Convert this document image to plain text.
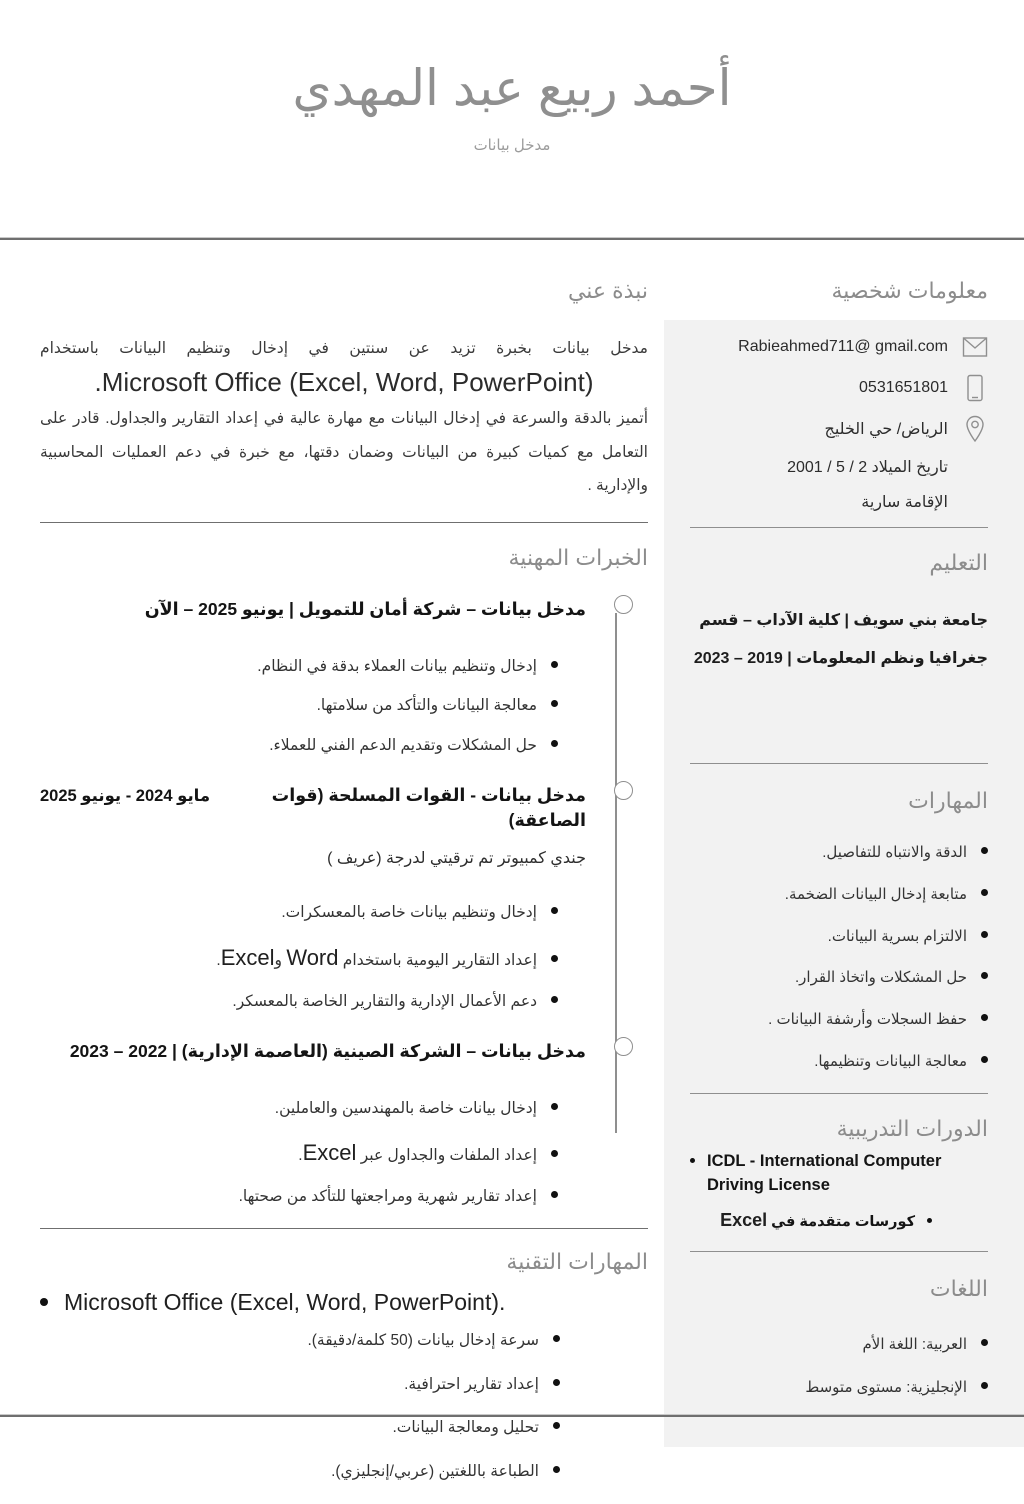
أحمد ربيع عبد المهدي
مدخل بيانات
نبذة عني
مدخل بيانات بخبرة تزيد عن سنتين في إدخال وتنظيم البيانات باستخدام
Microsoft Office (Excel, Word, PowerPoint).
أتميز بالدقة والسرعة في إدخال البيانات مع مهارة عالية في إعداد التقارير والجداول. قادر على التعامل مع كميات كبيرة من البيانات وضمان دقتها، مع خبرة في دعم العمليات المحاسبية والإدارية .
الخبرات المهنية
مدخل بيانات – شركة أمان للتمويل | يونيو 2025 – الآن
إدخال وتنظيم بيانات العملاء بدقة في النظام.
معالجة البيانات والتأكد من سلامتها.
حل المشكلات وتقديم الدعم الفني للعملاء.
مدخل بيانات - القوات المسلحة (قوات الصاعقة)
مايو 2024 - يونيو 2025
جندي كمبيوتر تم ترقيتي لدرجة (عريف )
إدخال وتنظيم بيانات خاصة بالمعسكرات.
إعداد التقارير اليومية باستخدام Word وExcel.
دعم الأعمال الإدارية والتقارير الخاصة بالمعسكر.
مدخل بيانات – الشركة الصينية (العاصمة الإدارية) | 2022 – 2023
إدخال بيانات خاصة بالمهندسين والعاملين.
إعداد الملفات والجداول عبر Excel.
إعداد تقارير شهرية ومراجعتها للتأكد من صحتها.
المهارات التقنية
Microsoft Office (Excel, Word, PowerPoint).
سرعة إدخال بيانات (50 كلمة/دقيقة).
إعداد تقارير احترافية.
تحليل ومعالجة البيانات.
الطباعة باللغتين (عربي/إنجليزي).
معلومات شخصية
Rabieahmed711@ gmail.com
0531651801
الرياض/ حي الخليج
تاريخ الميلاد 2 / 5 / 2001
الإقامة سارية
التعليم
جامعة بني سويف | كلية الآداب – قسم جغرافيا ونظم المعلومات | 2019 – 2023
المهارات
الدقة والانتباه للتفاصيل.
متابعة إدخال البيانات الضخمة.
الالتزام بسرية البيانات.
حل المشكلات واتخاذ القرار.
حفظ السجلات وأرشفة البيانات .
معالجة البيانات وتنظيمها.
الدورات التدريبية
ICDL - International Computer Driving License
كورسات متقدمة في Excel
اللغات
العربية: اللغة الأم
الإنجليزية: مستوى متوسط
